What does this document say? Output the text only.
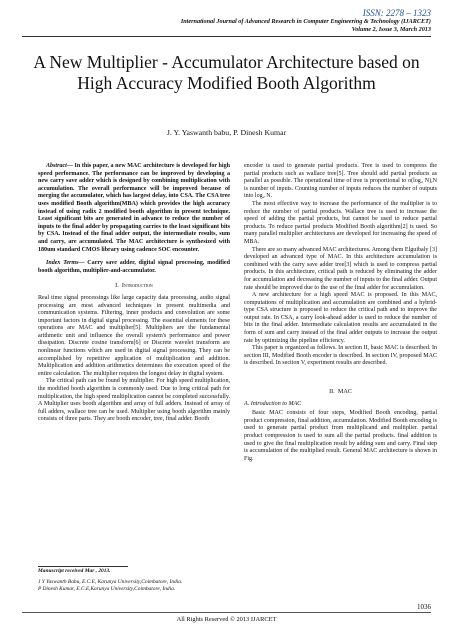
ISSN: 2278 – 1323
International Journal of Advanced Research in Computer Engineering & Technology (IJARCET)
Volume 2, Issue 3, March 2013
A New Multiplier - Accumulator Architecture based on High Accuracy Modified Booth Algorithm
J. Y. Yaswanth babu, P. Dinesh Kumar

Abstract— In this paper, a new MAC architecture is developed for high speed performance. The performance can be improved by developing a new carry save adder which is designed by combining multiplication with accumulation. The overall performance will be improved because of merging the accumulator, which has largest delay, into CSA. The CSA tree uses modified Booth algorithm(MBA) which provides the high accuracy instead of using radix 2 modified booth algorithm in present technique. Least significant bits are generated in advance to reduce the number of inputs to the final adder by propagating carries to the least significant bits by CSA. Instead of the final adder output, the intermediate results, sum and carry, are accumulated. The MAC architecture is synthesized with 180um standard CMOS library using cadence SOC encounter.

Index Terms— Carry save adder, digital signal processing, modified booth algorithm, multiplier-and-accumulator.

I. Introduction

Real time signal processings like large capacity data processing, audio signal processing are most advanced techniques in present multimedia and communication systems. Filtering, inner products and convolution are some important factors in digital signal processing. The essential elements for these operations are MAC and multiplier[5]. Multipliers are the fundamental arithmetic unit and influence the overall system's performance and power dissipation. Discrete cosine transform[6] or Discrete wavelet transform are nonlinear functions which are used in digital signal processing. They can be accomplished by repetitive application of multiplication and addition. Multiplication and addition arithmetics determines the execution speed of the entire calculation. The multiplier requires the longest delay in digital system.

The critical path can be found by multiplier. For high speed multiplication, the modified booth algorithm is commonly used. Due to long critical path for multiplication, the high speed multiplication cannot be completed successfully. A Multiplier uses booth algorithm and array of full adders. Instead of array of full adders, wallace tree can be used. Multiplier using booth algorithm mainly consists of three parts. They are booth encoder, tree, final adder. Booth

encoder is used to generate partial products. Tree is used to compress the partial products such as wallace tree[5]. Tree should add partial products as parallel as possible. The operational time of tree is proportional to o(log₂ N),N is number of inputs. Counting number of inputs reduces the number of outputs into log₂ N.

The most effective way to increase the performance of the multiplier is to reduce the number of partial products. Wallace tree is used to increase the speed of adding the partial products, but cannot be used to reduce partial products. To reduce partial products Modified Booth algorithm[2] is used. So many parallel multiplier architectures are developed for increasing the speed of MBA.

There are so many advanced MAC architectures. Among them Elguibaly [3] developed an advanced type of MAC. In this architecture accumulation is combined with the carry save adder tree[3] which is used to compress partial products. In this architecture, critical path is reduced by eliminating the adder for accumulation and decreasing the number of inputs to the final adder. Output rate should be improved due to the use of the final adder for accumulation.

A new architecture for a high speed MAC is proposed. In this MAC, computations of multiplication and accumulation are combined and a hybrid-type CSA structure is proposed to reduce the critical path and to improve the output rate. In CSA, a carry look-ahead adder is used to reduce the number of bits in the final adder. Intermediate calculation results are accumulated in the form of sum and carry instead of the final adder outputs to increase the output rate by optimizing the pipeline efficiency.

This paper is organized as follows. In section II, basic MAC is described. In section III, Modified Booth encoder is described. In section IV, proposed MAC is described. In section V, experiment results are described.

II. MAC
A. Introduction to MAC

Basic MAC consists of four steps, Modified Booth encoding, partial product compression, final addition, accumulation. Modified Booth encoding is used to generate partial product from multiplicand and multiplier. partial product compression is used to sum all the partial products. final addition is used to give the final multiplication result by adding sum and carry. Final step is accumulation of the multiplied result. General MAC architecture is shown in Fig.

Manuscript received Mar , 2013.
J Y Yaswanth Babu, E.C.E, Karunya University,Coimbatore, India.
P Dinesh Kumar, E.C.E,Karunya University,Coimbatore, India.
1036
All Rights Reserved © 2013 IJARCET
